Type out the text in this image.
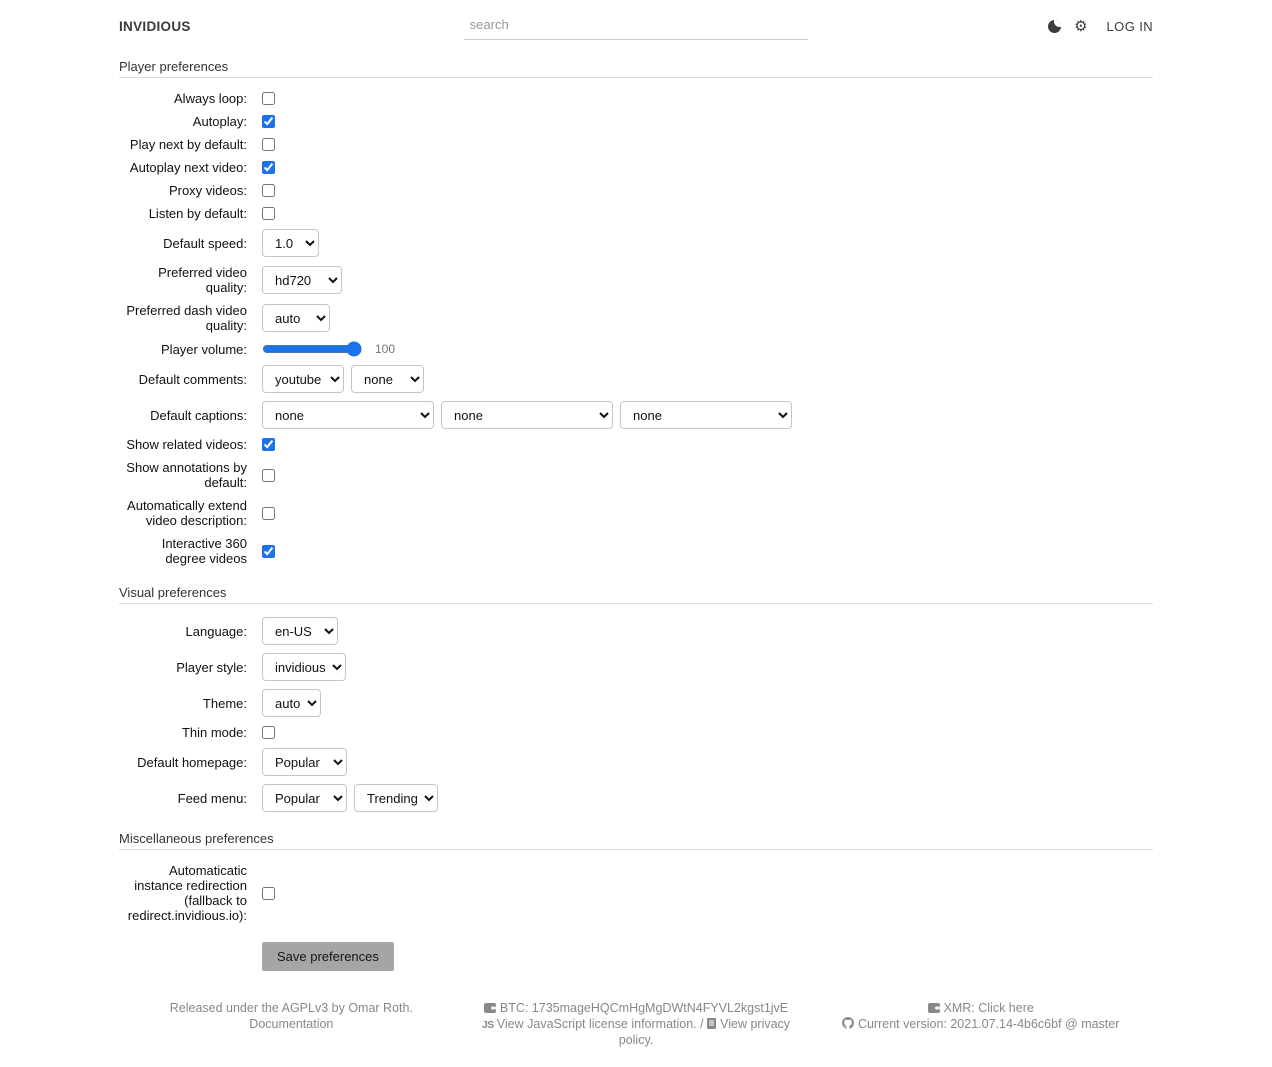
INVIDIOUS
search	⚙ LOG IN
Player preferences
Always loop:
Autoplay:
Play next by default:
Autoplay next video:
Proxy videos:
Listen by default:
Default speed:
1.0
Preferred video quality:
hd720
Preferred dash video quality:
auto
Player volume:	100
Default comments:
youtube
none
Default captions:
none
none
none
Show related videos:
Show annotations by default:
Automatically extend video description:
Interactive 360 degree videos
Visual preferences
Language:
en-US
Player style:
invidious
Theme:
auto
Thin mode:
Default homepage:
Popular
Feed menu:
Popular
Trending
Miscellaneous preferences
Automaticatic instance redirection (fallback to redirect.invidious.io):
Save preferences
Released under the AGPLv3 by Omar Roth.
Documentation
BTC: 1735mageHQCmHgMgDWtN4FYVL2kgst1jvE
JS View JavaScript license information. / View privacy policy.
XMR: Click here
Current version: 2021.07.14-4b6c6bf @ master
